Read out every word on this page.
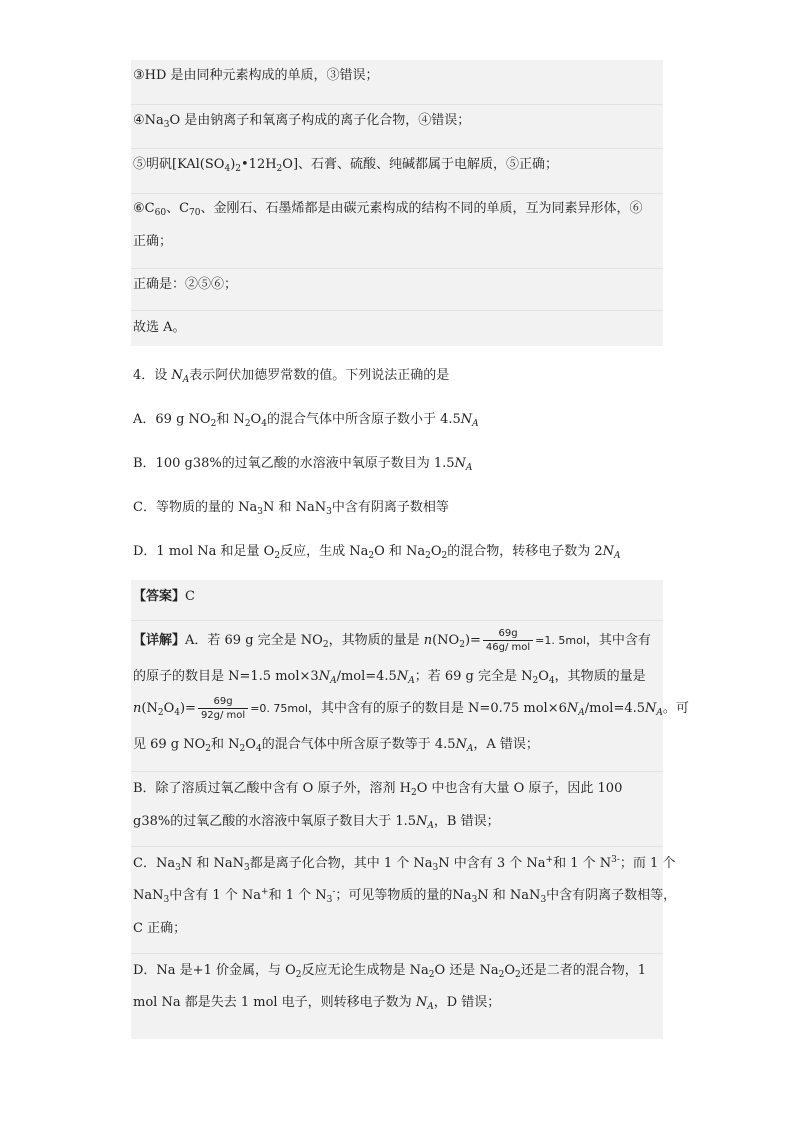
③HD 是由同种元素构成的单质，③错误；
$④Na_3O$ 是由钠离子和氧离子构成的离子化合物，④错误；
⑤明矾$[KAl(SO_4)_2•12H_2O]$、石膏、硫酸、纯碱都属于电解质，⑤正确；
$⑥C_{60}$、$C_{70}$、金刚石、石墨烯都是由碳元素构成的结构不同的单质，互为同素异形体，⑥
正确；
正确是：②⑤⑥；
故选 A。
4．设 $N_A$表示阿伏加德罗常数的值。下列说法正确的是
A．69 g $NO_2$和 $N_2O_4$的混合气体中所含原子数小于 $4.5N_A$
B．100 g38%的过氧乙酸的水溶液中氧原子数目为 $1.5N_A$
C．等物质的量的 $Na_3N$ 和 NaN$_3$中含有阴离子数相等
D．1 mol Na 和足量 $O_2$反应，生成 $Na_2O$ 和 $Na_2O_2$的混合物，转移电子数为 $2N_A$
【答案】C
【详解】A．若 69 g 完全是 $NO_2$，其物质的量是 $n(NO_2)= \frac{69g}{\text{46g/ mol}} =1$. 5mol，其中含有
的原子的数目是 N=1.5 $mol\times 3N_A/mol=4.5N_A$；若 69 g 完全是 $N_2O_4$，其物质的量是
$n(N_2O_4)= \frac{69g}{\text{92g/ mol}} =0$. 75mol，其中含有的原子的数目是 N=0.75 $mol\times 6N_A/mol=4.5N_A$。可
见 69 g $NO_2$和 $N_2O_4$的混合气体中所含原子数等于 $4.5N_A$，A 错误；
B．除了溶质过氧乙酸中含有 O 原子外，溶剂 $H_2O$ 中也含有大量 O 原子，因此 100
g38%的过氧乙酸的水溶液中氧原子数目大于 $1.5N_A$，B 错误；
C．$Na_3N$ 和 NaN$_3$都是离子化合物，其中 1 个 $Na_3N$ 中含有 3 个 Na+和 1 个 $N^{3-}$；而 1 个
NaN$_3$中含有 1 个 Na+和 1 个 $N_3^-$；可见等物质的量的$Na_3N$ 和 NaN$_3$中含有阴离子数相等，
C 正确；
D．Na 是+1 价金属，与 $O_2$反应无论生成物是 $Na_2O$ 还是 $Na_2O_2$还是二者的混合物，1
mol Na 都是失去 1 mol 电子，则转移电子数为 $N_A$，D 错误；
